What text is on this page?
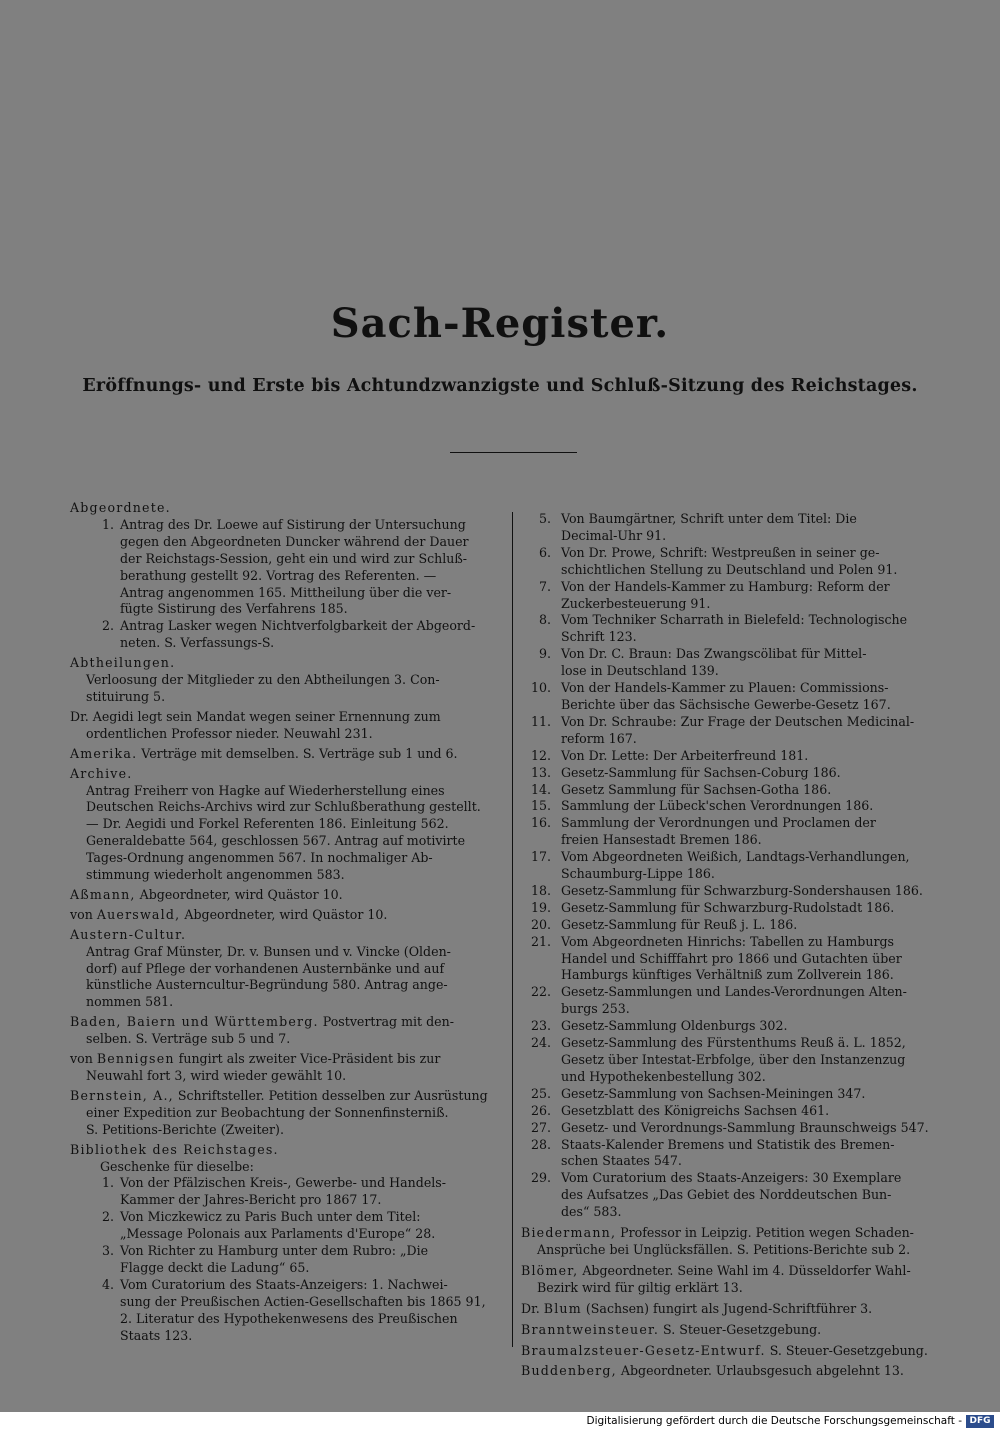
Sach-Register.
Eröffnungs- und Erste bis Achtundzwanzigste und Schluß-Sitzung des Reichstages.
Abgeordnete.
1. Antrag des Dr. Loewe auf Sistirung der Untersuchung
gegen den Abgeordneten Duncker während der Dauer
der Reichstags-Session, geht ein und wird zur Schluß-
berathung gestellt 92. Vortrag des Referenten. —
Antrag angenommen 165. Mittheilung über die ver-
fügte Sistirung des Verfahrens 185.
2. Antrag Lasker wegen Nichtverfolgbarkeit der Abgeord-
neten. S. Verfassungs-S.
Abtheilungen.
Verloosung der Mitglieder zu den Abtheilungen 3. Con-
stituirung 5.
Dr. Aegidi legt sein Mandat wegen seiner Ernennung zum
ordentlichen Professor nieder. Neuwahl 231.
Amerika. Verträge mit demselben. S. Verträge sub 1 und 6.
Archive.
Antrag Freiherr von Hagke auf Wiederherstellung eines
Deutschen Reichs-Archivs wird zur Schlußberathung gestellt.
— Dr. Aegidi und Forkel Referenten 186. Einleitung 562.
Generaldebatte 564, geschlossen 567. Antrag auf motivirte
Tages-Ordnung angenommen 567. In nochmaliger Ab-
stimmung wiederholt angenommen 583.
Aßmann, Abgeordneter, wird Quästor 10.
von Auerswald, Abgeordneter, wird Quästor 10.
Austern-Cultur.
Antrag Graf Münster, Dr. v. Bunsen und v. Vincke (Olden-
dorf) auf Pflege der vorhandenen Austernbänke und auf
künstliche Austerncultur-Begründung 580. Antrag ange-
nommen 581.
Baden, Baiern und Württemberg. Postvertrag mit den-
selben. S. Verträge sub 5 und 7.
von Bennigsen fungirt als zweiter Vice-Präsident bis zur
Neuwahl fort 3, wird wieder gewählt 10.
Bernstein, A., Schriftsteller. Petition desselben zur Ausrüstung
einer Expedition zur Beobachtung der Sonnenfinsterniß.
S. Petitions-Berichte (Zweiter).
Bibliothek des Reichstages.
Geschenke für dieselbe:
1. Von der Pfälzischen Kreis-, Gewerbe- und Handels-
Kammer der Jahres-Bericht pro 1867 17.
2. Von Miczkewicz zu Paris Buch unter dem Titel:
„Message Polonais aux Parlaments d'Europe“ 28.
3. Von Richter zu Hamburg unter dem Rubro: „Die
Flagge deckt die Ladung“ 65.
4. Vom Curatorium des Staats-Anzeigers: 1. Nachwei-
sung der Preußischen Actien-Gesellschaften bis 1865 91,
2. Literatur des Hypothekenwesens des Preußischen
Staats 123.
5. Von Baumgärtner, Schrift unter dem Titel: Die
Decimal-Uhr 91.
6. Von Dr. Prowe, Schrift: Westpreußen in seiner ge-
schichtlichen Stellung zu Deutschland und Polen 91.
7. Von der Handels-Kammer zu Hamburg: Reform der
Zuckerbesteuerung 91.
8. Vom Techniker Scharrath in Bielefeld: Technologische
Schrift 123.
9. Von Dr. C. Braun: Das Zwangscölibat für Mittel-
lose in Deutschland 139.
10. Von der Handels-Kammer zu Plauen: Commissions-
Berichte über das Sächsische Gewerbe-Gesetz 167.
11. Von Dr. Schraube: Zur Frage der Deutschen Medicinal-
reform 167.
12. Von Dr. Lette: Der Arbeiterfreund 181.
13. Gesetz-Sammlung für Sachsen-Coburg 186.
14. Gesetz Sammlung für Sachsen-Gotha 186.
15. Sammlung der Lübeck'schen Verordnungen 186.
16. Sammlung der Verordnungen und Proclamen der
freien Hansestadt Bremen 186.
17. Vom Abgeordneten Weißich, Landtags-Verhandlungen,
Schaumburg-Lippe 186.
18. Gesetz-Sammlung für Schwarzburg-Sondershausen 186.
19. Gesetz-Sammlung für Schwarzburg-Rudolstadt 186.
20. Gesetz-Sammlung für Reuß j. L. 186.
21. Vom Abgeordneten Hinrichs: Tabellen zu Hamburgs
Handel und Schifffahrt pro 1866 und Gutachten über
Hamburgs künftiges Verhältniß zum Zollverein 186.
22. Gesetz-Sammlungen und Landes-Verordnungen Alten-
burgs 253.
23. Gesetz-Sammlung Oldenburgs 302.
24. Gesetz-Sammlung des Fürstenthums Reuß ä. L. 1852,
Gesetz über Intestat-Erbfolge, über den Instanzenzug
und Hypothekenbestellung 302.
25. Gesetz-Sammlung von Sachsen-Meiningen 347.
26. Gesetzblatt des Königreichs Sachsen 461.
27. Gesetz- und Verordnungs-Sammlung Braunschweigs 547.
28. Staats-Kalender Bremens und Statistik des Bremen-
schen Staates 547.
29. Vom Curatorium des Staats-Anzeigers: 30 Exemplare
des Aufsatzes „Das Gebiet des Norddeutschen Bun-
des“ 583.
Biedermann, Professor in Leipzig. Petition wegen Schaden-
Ansprüche bei Unglücksfällen. S. Petitions-Berichte sub 2.
Blömer, Abgeordneter. Seine Wahl im 4. Düsseldorfer Wahl-
Bezirk wird für giltig erklärt 13.
Dr. Blum (Sachsen) fungirt als Jugend-Schriftführer 3.
Branntweinsteuer. S. Steuer-Gesetzgebung.
Braumalzsteuer-Gesetz-Entwurf. S. Steuer-Gesetzgebung.
Buddenberg, Abgeordneter. Urlaubsgesuch abgelehnt 13.
Digitalisierung gefördert durch die Deutsche Forschungsgemeinschaft - DFG
